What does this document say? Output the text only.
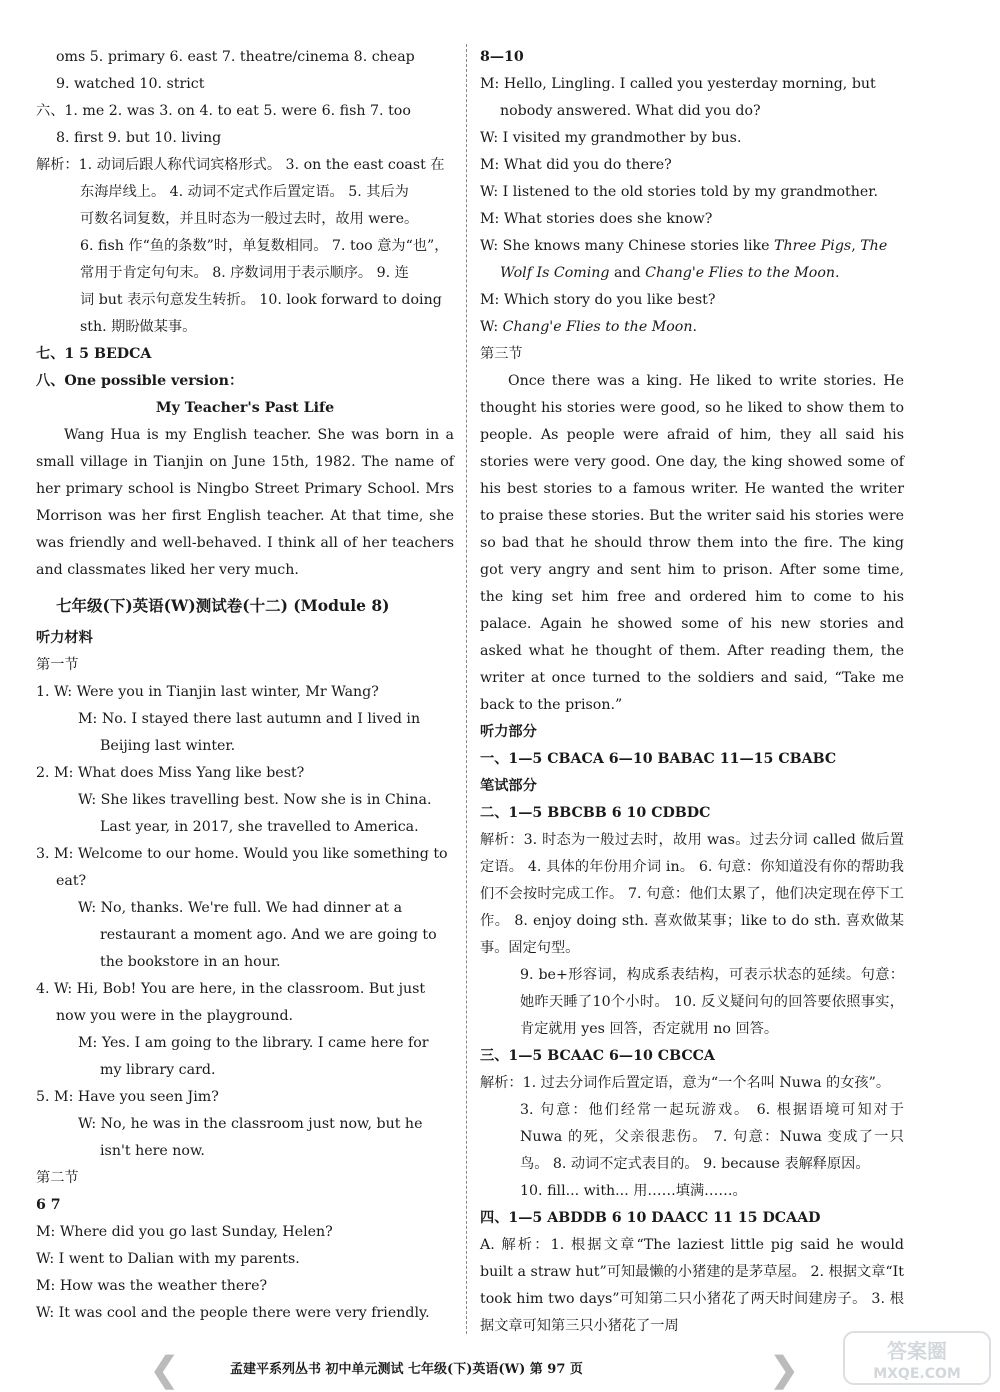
oms 5. primary 6. east 7. theatre/cinema 8. cheap
9. watched 10. strict
六、1. me 2. was 3. on 4. to eat 5. were 6. fish 7. too
8. first 9. but 10. living
解析：1. 动词后跟人称代词宾格形式。 3. on the east coast 在
东海岸线上。 4. 动词不定式作后置定语。 5. 其后为
可数名词复数，并且时态为一般过去时，故用 were。
6. fish 作“鱼的条数”时，单复数相同。 7. too 意为“也”，
常用于肯定句句末。 8. 序数词用于表示顺序。 9. 连
词 but 表示句意发生转折。 10. look forward to doing
sth. 期盼做某事。
七、1 5 BEDCA
八、One possible version：
My Teacher's Past Life
Wang Hua is my English teacher. She was born in a small village in Tianjin on June 15th, 1982. The name of her primary school is Ningbo Street Primary School. Mrs Morrison was her first English teacher. At that time, she was friendly and well-behaved. I think all of her teachers and classmates liked her very much.
七年级(下)英语(W)测试卷(十二) (Module 8)
听力材料
第一节
1. W: Were you in Tianjin last winter, Mr Wang?
M: No. I stayed there last autumn and I lived in Beijing last winter.
2. M: What does Miss Yang like best?
W: She likes travelling best. Now she is in China. Last year, in 2017, she travelled to America.
3. M: Welcome to our home. Would you like something to eat?
W: No, thanks. We're full. We had dinner at a restaurant a moment ago. And we are going to the bookstore in an hour.
4. W: Hi, Bob! You are here, in the classroom. But just now you were in the playground.
M: Yes. I am going to the library. I came here for my library card.
5. M: Have you seen Jim?
W: No, he was in the classroom just now, but he isn't here now.
第二节
6 7
M: Where did you go last Sunday, Helen?
W: I went to Dalian with my parents.
M: How was the weather there?
W: It was cool and the people there were very friendly.
8—10
M: Hello, Lingling. I called you yesterday morning, but nobody answered. What did you do?
W: I visited my grandmother by bus.
M: What did you do there?
W: I listened to the old stories told by my grandmother.
M: What stories does she know?
W: She knows many Chinese stories like Three Pigs, The Wolf Is Coming and Chang'e Flies to the Moon.
M: Which story do you like best?
W: Chang'e Flies to the Moon.
第三节
Once there was a king. He liked to write stories. He thought his stories were good, so he liked to show them to people. As people were afraid of him, they all said his stories were very good. One day, the king showed some of his best stories to a famous writer. He wanted the writer to praise these stories. But the writer said his stories were so bad that he should throw them into the fire. The king got very angry and sent him to prison. After some time, the king set him free and ordered him to come to his palace. Again he showed some of his new stories and asked what he thought of them. After reading them, the writer at once turned to the soldiers and said, “Take me back to the prison.”
听力部分
一、1—5 CBACA 6—10 BABAC 11—15 CBABC
笔试部分
二、1—5 BBCBB 6 10 CDBDC
解析：3. 时态为一般过去时，故用 was。过去分词 called 做后置定语。 4. 具体的年份用介词 in。 6. 句意：你知道没有你的帮助我们不会按时完成工作。 7. 句意：他们太累了，他们决定现在停下工作。 8. enjoy doing sth. 喜欢做某事；like to do sth. 喜欢做某事。固定句型。
9. be+形容词，构成系表结构，可表示状态的延续。句意：她昨天睡了10个小时。 10. 反义疑问句的回答要依照事实，肯定就用 yes 回答，否定就用 no 回答。
三、1—5 BCAAC 6—10 CBCCA
解析：1. 过去分词作后置定语，意为“一个名叫 Nuwa 的女孩”。
3. 句意：他们经常一起玩游戏。 6. 根据语境可知对于 Nuwa 的死，父亲很悲伤。 7. 句意：Nuwa 变成了一只鸟。 8. 动词不定式表目的。 9. because 表解释原因。
10. fill... with... 用……填满……。
四、1—5 ABDDB 6 10 DAACC 11 15 DCAAD
A. 解析：1. 根据文章“The laziest little pig said he would built a straw hut”可知最懒的小猪建的是茅草屋。 2. 根据文章“It took him two days”可知第二只小猪花了两天时间建房子。 3. 根据文章可知第三只小猪花了一周
❮	孟建平系列丛书 初中单元测试 七年级(下)英语(W) 第 97 页	❯	答案圈
MXQE.COM
